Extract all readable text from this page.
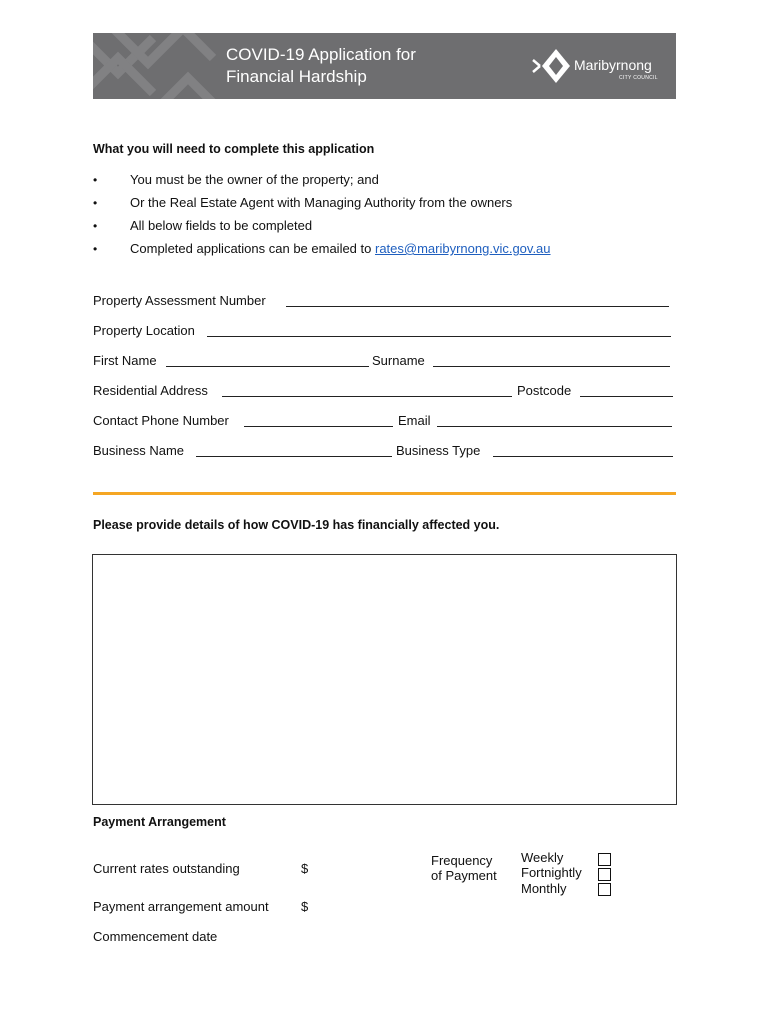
COVID-19 Application for
Financial Hardship
Maribyrnong
CITY COUNCIL
What you will need to complete this application
•	You must be the owner of the property; and
•	Or the Real Estate Agent with Managing Authority from the owners
•	All below fields to be completed
•	Completed applications can be emailed to rates@maribyrnong.vic.gov.au
Property Assessment Number
Property Location
First Name	Surname
Residential Address	Postcode
Contact Phone Number	Email
Business Name	Business Type
Please provide details of how COVID-19 has financially affected you.
Payment Arrangement
Current rates outstanding	$
Payment arrangement amount $
Commencement date
Frequency
of Payment
Weekly
Fortnightly
Monthly
